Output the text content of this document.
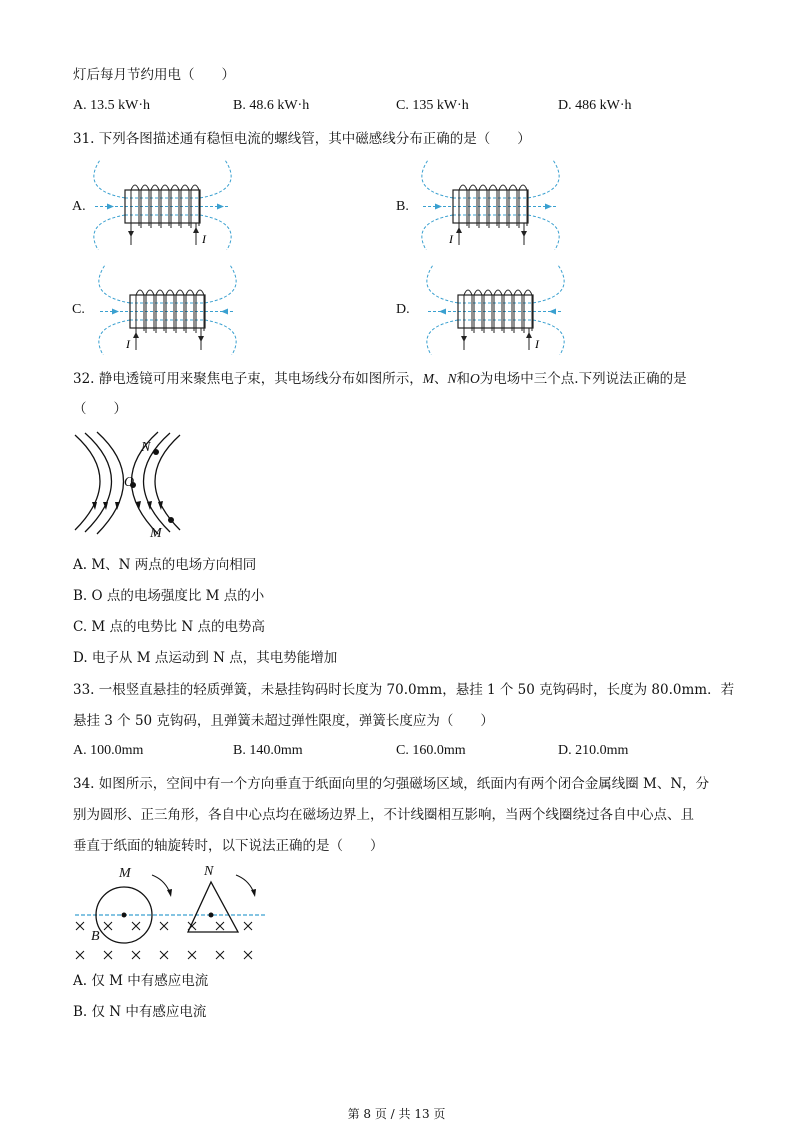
灯后每月节约用电（　　）
A. 13.5 kW·h	B. 48.6 kW·h	C. 135 kW·h	D. 486 kW·h
31. 下列各图描述通有稳恒电流的螺线管，其中磁感线分布正确的是（　　）
A.	B.
C.	D.
I	I
I	I
32. 静电透镜可用来聚焦电子束，其电场线分布如图所示，M、N和O为电场中三个点.下列说法正确的是
（　　）
N
O
M
A. M、N 两点的电场方向相同
B. O 点的电场强度比 M 点的小
C. M 点的电势比 N 点的电势高
D. 电子从 M 点运动到 N 点，其电势能增加
33. 一根竖直悬挂的轻质弹簧，未悬挂钩码时长度为 70.0mm，悬挂 1 个 50 克钩码时，长度为 80.0mm．若
悬挂 3 个 50 克钩码，且弹簧未超过弹性限度，弹簧长度应为（　　）
A. 100.0mm	B. 140.0mm	C. 160.0mm	D. 210.0mm
34. 如图所示，空间中有一个方向垂直于纸面向里的匀强磁场区域，纸面内有两个闭合金属线圈 M、N，分
别为圆形、正三角形，各自中心点均在磁场边界上，不计线圈相互影响，当两个线圈绕过各自中心点、且
垂直于纸面的轴旋转时，以下说法正确的是（　　）
M	N
B
A. 仅 M 中有感应电流
B. 仅 N 中有感应电流
第 8 页 / 共 13 页
